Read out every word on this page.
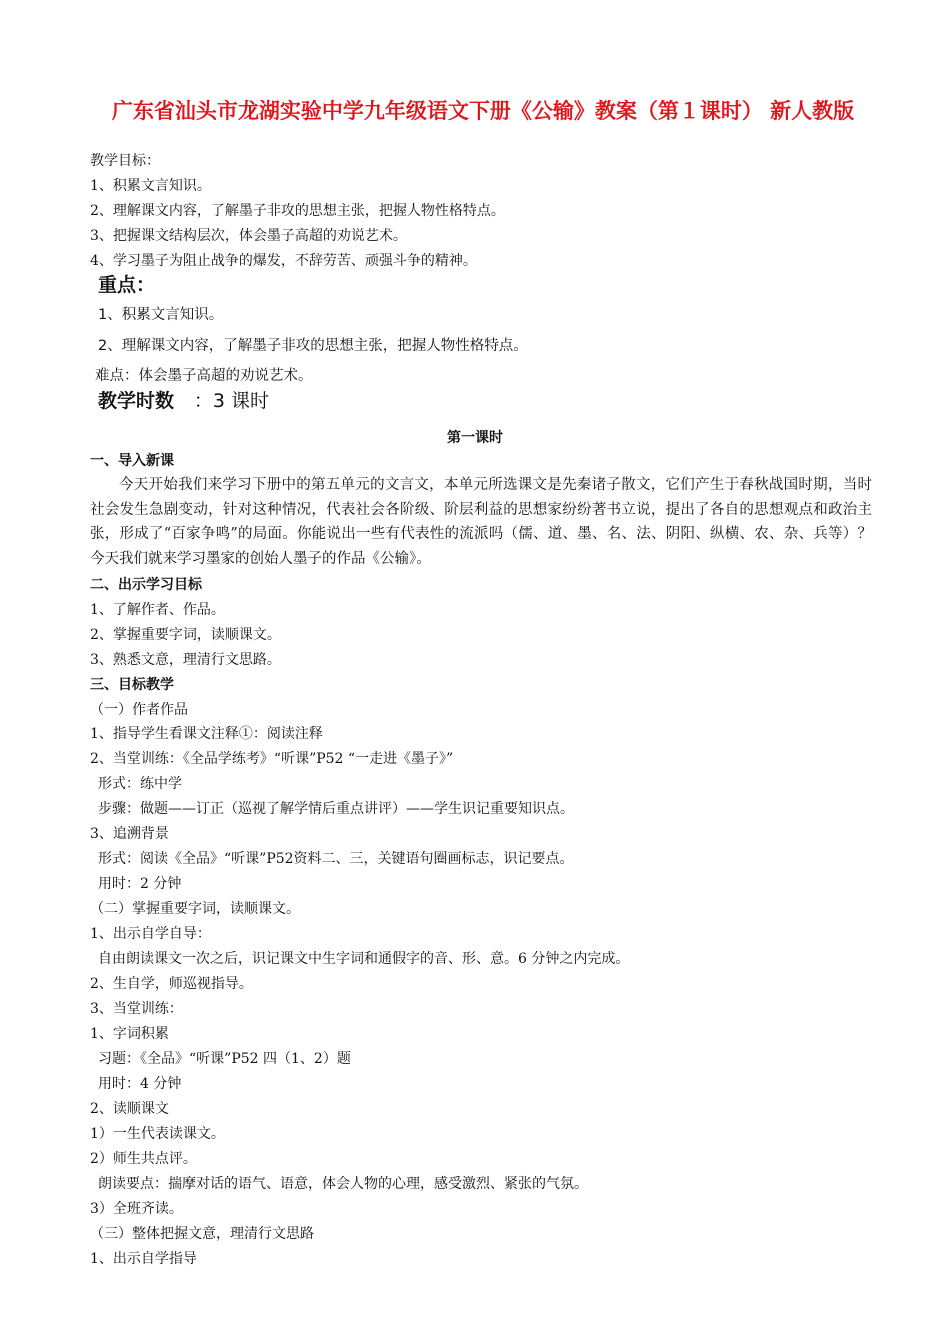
广东省汕头市龙湖实验中学九年级语文下册《公输》教案（第１课时） 新人教版
教学目标：
1、积累文言知识。
2、理解课文内容，了解墨子非攻的思想主张，把握人物性格特点。
3、把握课文结构层次，体会墨子高超的劝说艺术。
4、学习墨子为阻止战争的爆发，不辞劳苦、顽强斗争的精神。
重点：
1、积累文言知识。
2、理解课文内容，了解墨子非攻的思想主张，把握人物性格特点。
难点：体会墨子高超的劝说艺术。
教学时数 ：3 课时
第一课时
一、导入新课

今天开始我们来学习下册中的第五单元的文言文，本单元所选课文是先秦诸子散文，它们产生于春秋战国时期，当时社会发生急剧变动，针对这种情况，代表社会各阶级、阶层利益的思想家纷纷著书立说，提出了各自的思想观点和政治主张，形成了“百家争鸣”的局面。你能说出一些有代表性的流派吗（儒、道、墨、名、法、阴阳、纵横、农、杂、兵等）？今天我们就来学习墨家的创始人墨子的作品《公输》。

二、出示学习目标
1、了解作者、作品。
2、掌握重要字词，读顺课文。
3、熟悉文意，理清行文思路。
三、目标教学
（一）作者作品
1、指导学生看课文注释①：阅读注释
2、当堂训练：《全品学练考》“听课”P52 “一走进《墨子》”
形式：练中学
步骤：做题——订正（巡视了解学情后重点讲评）——学生识记重要知识点。
3、追溯背景
形式：阅读《全品》“听课”P52资料二、三，关键语句圈画标志，识记要点。
用时：2 分钟
（二）掌握重要字词，读顺课文。
1、出示自学自导：
自由朗读课文一次之后，识记课文中生字词和通假字的音、形、意。6 分钟之内完成。
2、生自学，师巡视指导。
3、当堂训练：
1、字词积累
习题：《全品》“听课”P52 四（1、2）题
用时：4 分钟
2、读顺课文
1）一生代表读课文。
2）师生共点评。
朗读要点：揣摩对话的语气、语意，体会人物的心理，感受激烈、紧张的气氛。
3）全班齐读。
（三）整体把握文意，理清行文思路
1、出示自学指导
